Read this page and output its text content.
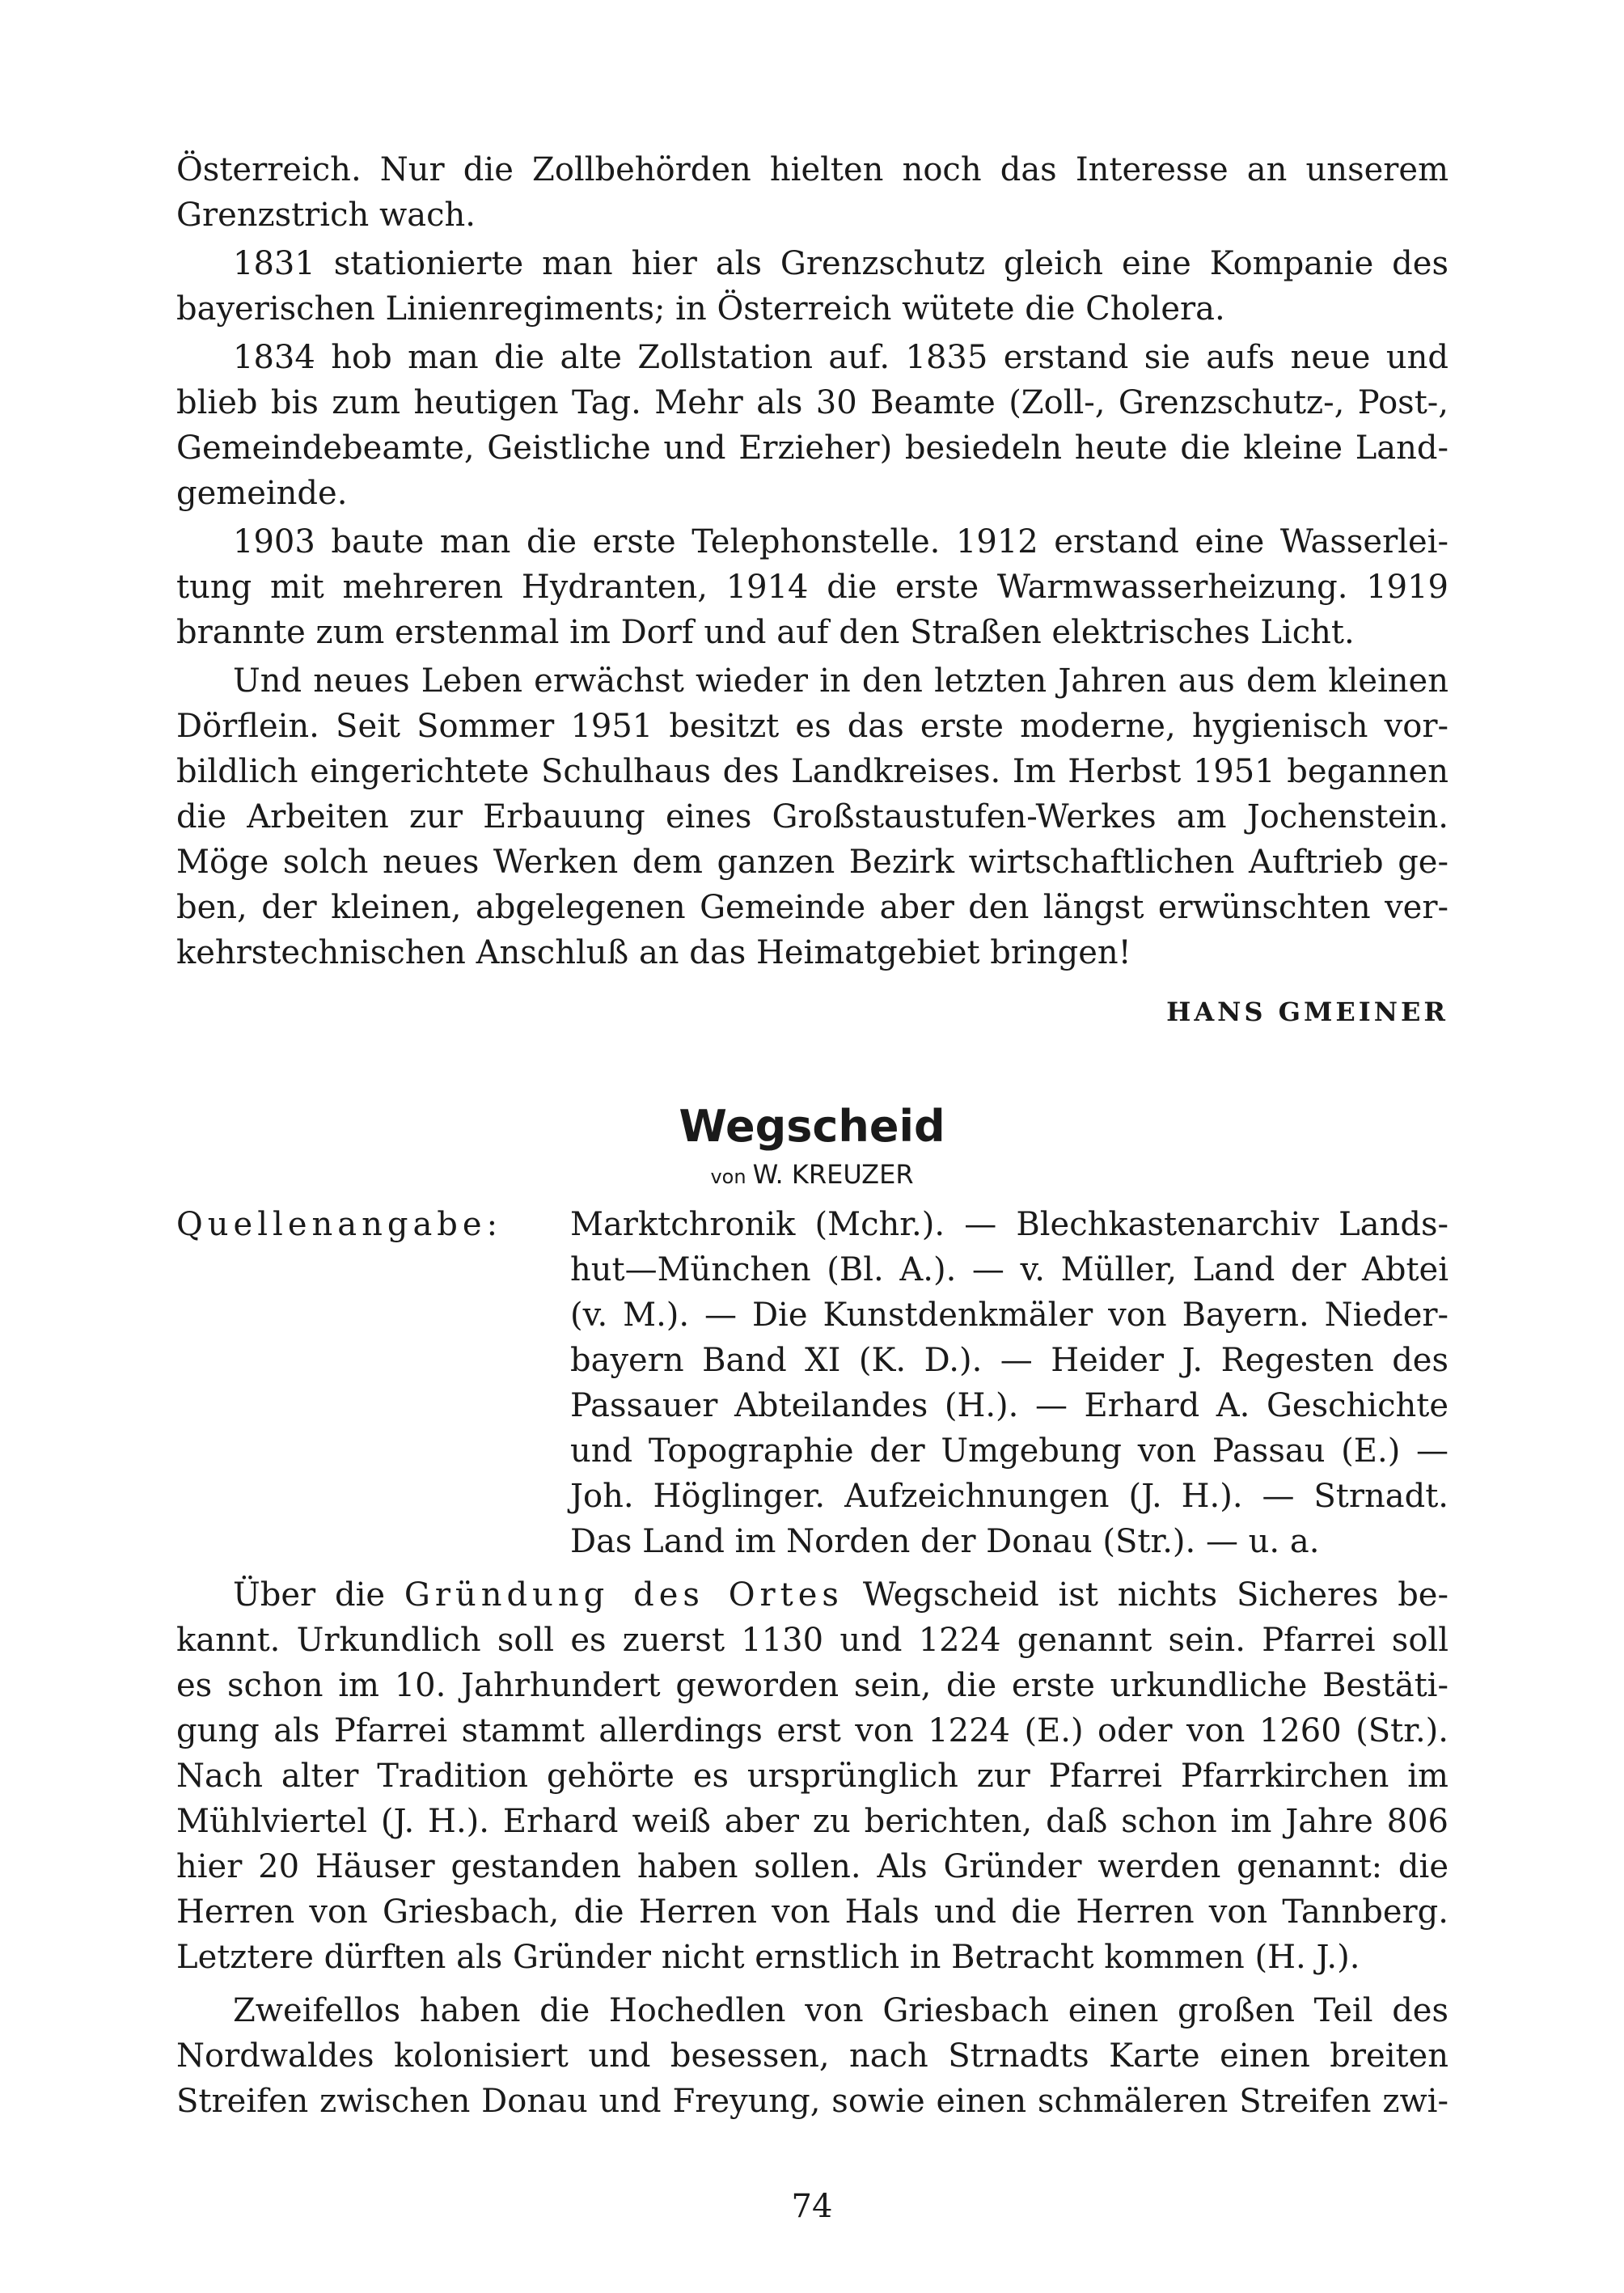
Österreich. Nur die Zollbehörden hielten noch das Interesse an unserem
Grenzstrich wach.
1831 stationierte man hier als Grenzschutz gleich eine Kompanie des
bayerischen Linienregiments; in Österreich wütete die Cholera.
1834 hob man die alte Zollstation auf. 1835 erstand sie aufs neue und
blieb bis zum heutigen Tag. Mehr als 30 Beamte (Zoll-, Grenzschutz-, Post-,
Gemeindebeamte, Geistliche und Erzieher) besiedeln heute die kleine Land-
gemeinde.
1903 baute man die erste Telephonstelle. 1912 erstand eine Wasserlei-
tung mit mehreren Hydranten, 1914 die erste Warmwasserheizung. 1919
brannte zum erstenmal im Dorf und auf den Straßen elektrisches Licht.
Und neues Leben erwächst wieder in den letzten Jahren aus dem kleinen
Dörflein. Seit Sommer 1951 besitzt es das erste moderne, hygienisch vor-
bildlich eingerichtete Schulhaus des Landkreises. Im Herbst 1951 begannen
die Arbeiten zur Erbauung eines Großstaustufen-Werkes am Jochenstein.
Möge solch neues Werken dem ganzen Bezirk wirtschaftlichen Auftrieb ge-
ben, der kleinen, abgelegenen Gemeinde aber den längst erwünschten ver-
kehrstechnischen Anschluß an das Heimatgebiet bringen!
HANS GMEINER
Wegscheid
von W. KREUZER
Quellenangabe: Marktchronik (Mchr.). — Blechkastenarchiv Lands-
hut—München (Bl. A.). — v. Müller, Land der Abtei
(v. M.). — Die Kunstdenkmäler von Bayern. Nieder-
bayern Band XI (K. D.). — Heider J. Regesten des
Passauer Abteilandes (H.). — Erhard A. Geschichte
und Topographie der Umgebung von Passau (E.) —
Joh. Höglinger. Aufzeichnungen (J. H.). — Strnadt.
Das Land im Norden der Donau (Str.). — u. a.
Über die Gründung des Ortes Wegscheid ist nichts Sicheres be-
kannt. Urkundlich soll es zuerst 1130 und 1224 genannt sein. Pfarrei soll
es schon im 10. Jahrhundert geworden sein, die erste urkundliche Bestäti-
gung als Pfarrei stammt allerdings erst von 1224 (E.) oder von 1260 (Str.).
Nach alter Tradition gehörte es ursprünglich zur Pfarrei Pfarrkirchen im
Mühlviertel (J. H.). Erhard weiß aber zu berichten, daß schon im Jahre 806
hier 20 Häuser gestanden haben sollen. Als Gründer werden genannt: die
Herren von Griesbach, die Herren von Hals und die Herren von Tannberg.
Letztere dürften als Gründer nicht ernstlich in Betracht kommen (H. J.).
Zweifellos haben die Hochedlen von Griesbach einen großen Teil des
Nordwaldes kolonisiert und besessen, nach Strnadts Karte einen breiten
Streifen zwischen Donau und Freyung, sowie einen schmäleren Streifen zwi-
74
